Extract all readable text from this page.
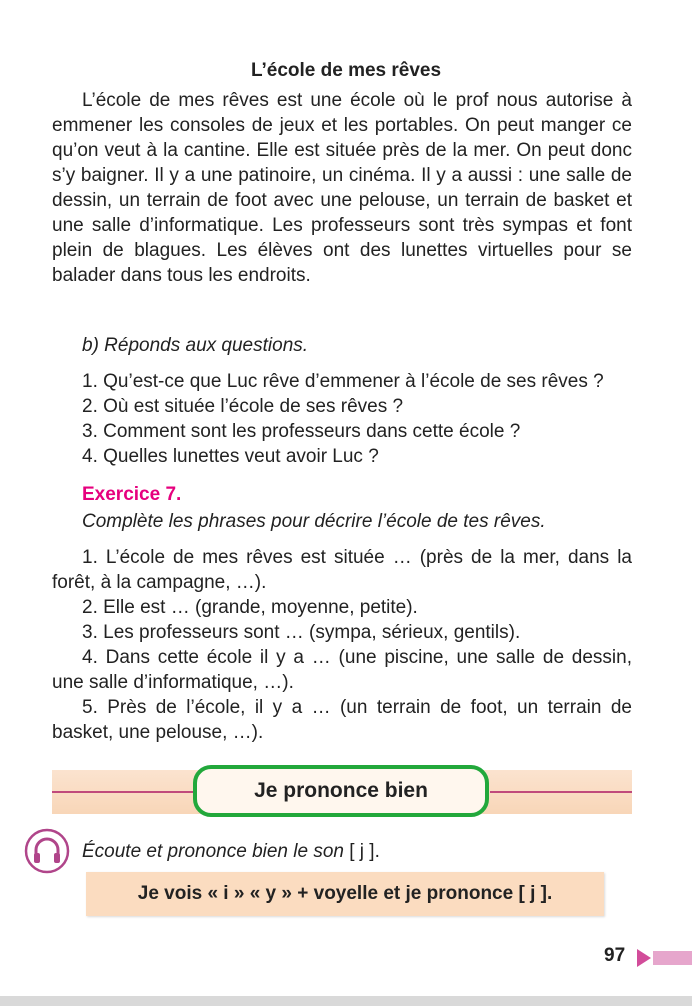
L’école de mes rêves

L’école de mes rêves est une école où le prof nous autorise à emmener les consoles de jeux et les portables. On peut manger ce qu’on veut à la cantine. Elle est située près de la mer. On peut donc s’y baigner. Il y a une patinoire, un cinéma. Il y a aussi : une salle de dessin, un terrain de foot avec une pelouse, un terrain de basket et une salle d’informatique. Les professeurs sont très sympas et font plein de blagues. Les élèves ont des lunettes virtuelles pour se balader dans tous les endroits.

b) Réponds aux questions.
1. Qu’est-ce que Luc rêve d’emmener à l’école de ses rêves ?
2. Où est située l’école de ses rêves ?
3. Comment sont les professeurs dans cette école ?
4. Quelles lunettes veut avoir Luc ?
Exercice 7.
Complète les phrases pour décrire l’école de tes rêves.
1. L’école de mes rêves est située … (près de la mer, dans la forêt, à la campagne, …).
2. Elle est … (grande, moyenne, petite).
3. Les professeurs sont … (sympa, sérieux, gentils).
4. Dans cette école il y a … (une piscine, une salle de dessin, une salle d’informatique, …).
5. Près de l’école, il y a … (un terrain de foot, un terrain de basket, une pelouse, …).
Je prononce bien
Écoute et prononce bien le son [ j ].
Je vois « i » « y » + voyelle et je prononce [ j ].
97
